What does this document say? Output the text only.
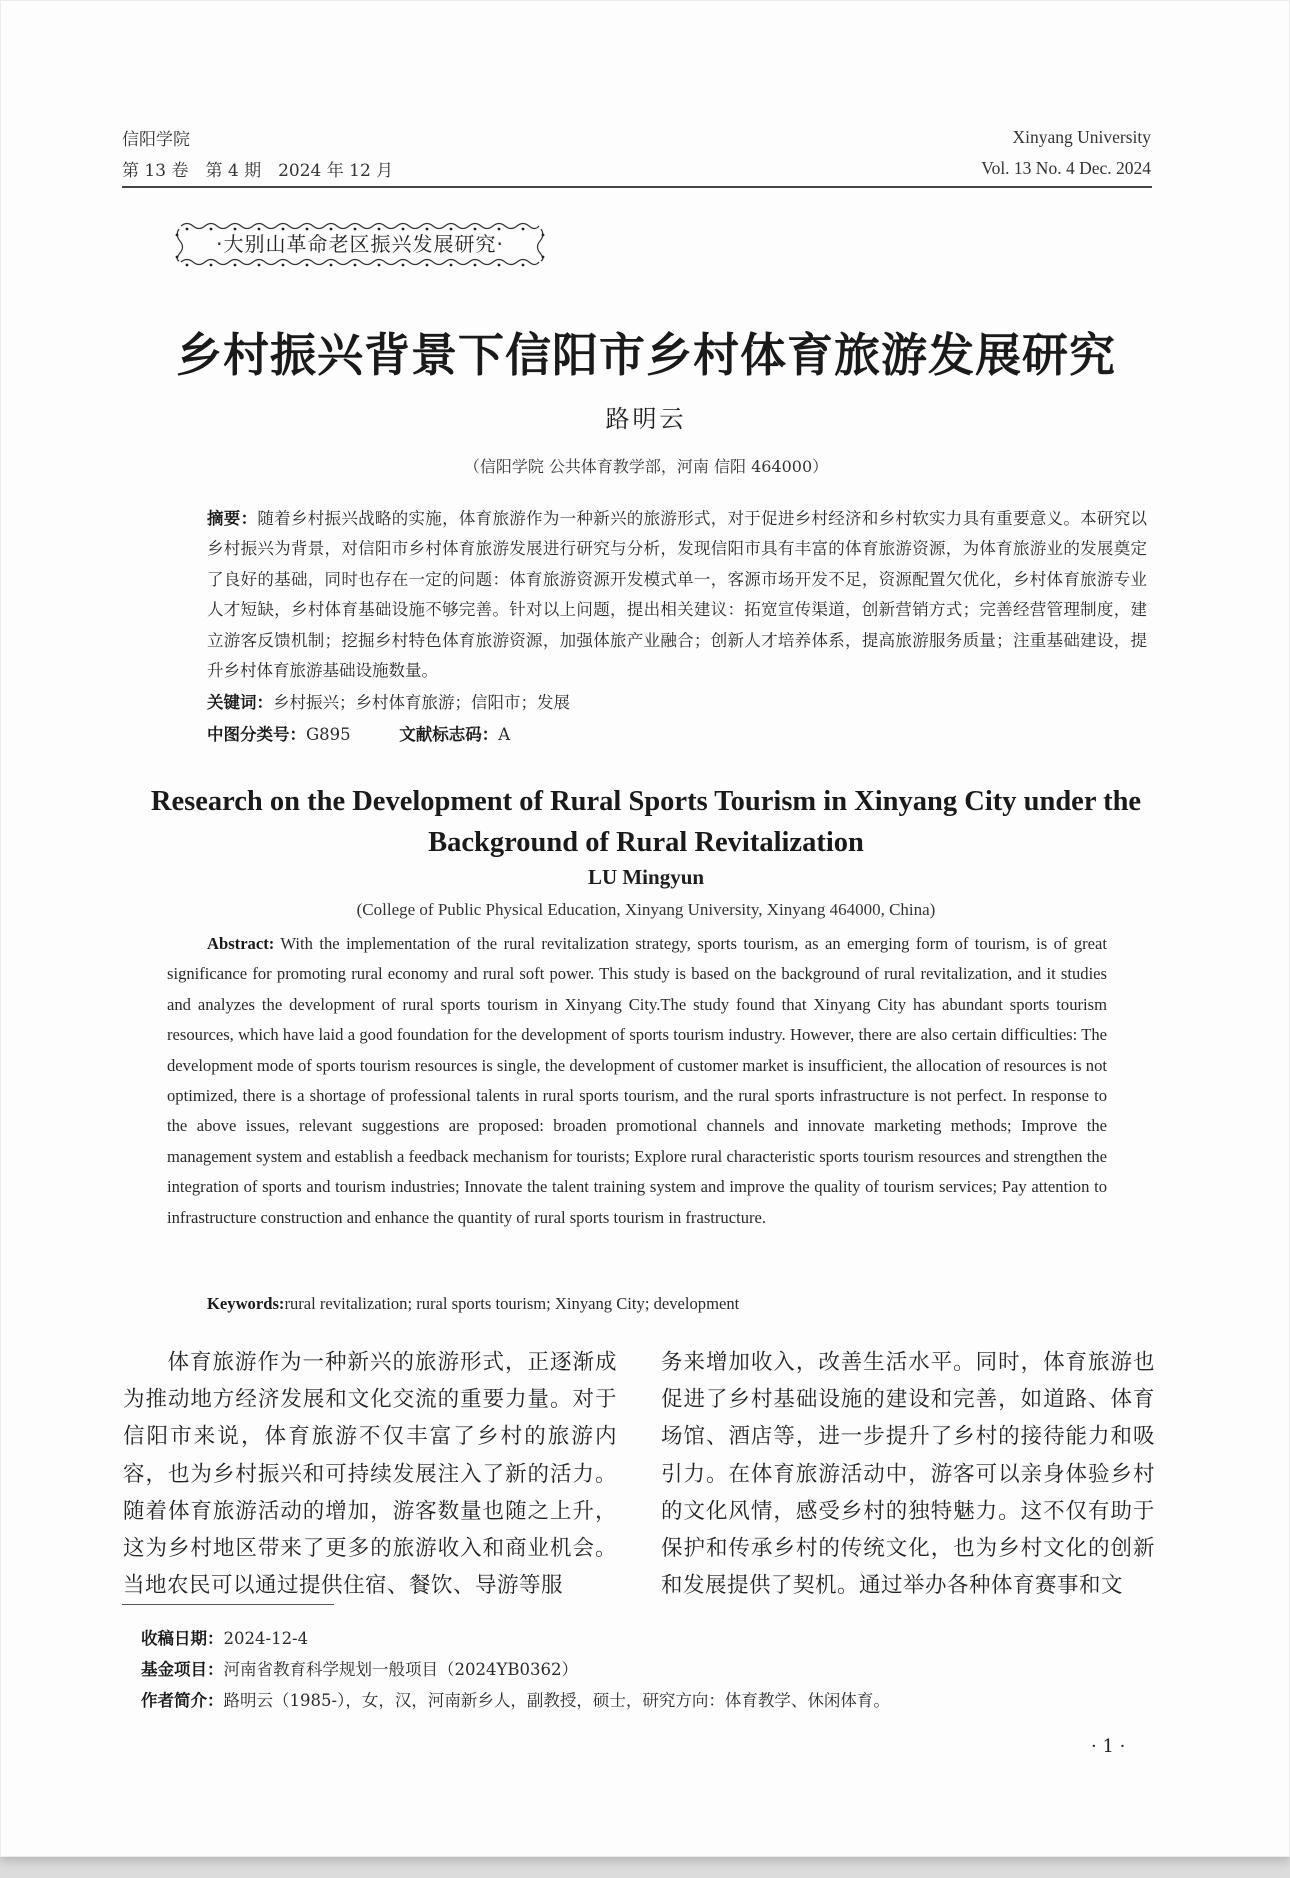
信阳学院
第 13 卷　第 4 期　2024 年 12 月
Xinyang University
Vol. 13 No. 4 Dec. 2024
·大别山革命老区振兴发展研究·
乡村振兴背景下信阳市乡村体育旅游发展研究
路明云
（信阳学院 公共体育教学部，河南 信阳 464000）
摘要：随着乡村振兴战略的实施，体育旅游作为一种新兴的旅游形式，对于促进乡村经济和乡村软实力具有重要意义。本研究以乡村振兴为背景，对信阳市乡村体育旅游发展进行研究与分析，发现信阳市具有丰富的体育旅游资源，为体育旅游业的发展奠定了良好的基础，同时也存在一定的问题：体育旅游资源开发模式单一，客源市场开发不足，资源配置欠优化，乡村体育旅游专业人才短缺，乡村体育基础设施不够完善。针对以上问题，提出相关建议：拓宽宣传渠道，创新营销方式；完善经营管理制度，建立游客反馈机制；挖掘乡村特色体育旅游资源，加强体旅产业融合；创新人才培养体系，提高旅游服务质量；注重基础建设，提升乡村体育旅游基础设施数量。
关键词：乡村振兴；乡村体育旅游；信阳市；发展
中图分类号：G895	文献标志码：A
Research on the Development of Rural Sports Tourism in Xinyang City under the Background of Rural Revitalization
LU Mingyun
(College of Public Physical Education, Xinyang University, Xinyang 464000, China)
Abstract: With the implementation of the rural revitalization strategy, sports tourism, as an emerging form of tourism, is of great significance for promoting rural economy and rural soft power. This study is based on the background of rural revitalization, and it studies and analyzes the development of rural sports tourism in Xinyang City.The study found that Xinyang City has abundant sports tourism resources, which have laid a good foundation for the development of sports tourism industry. However, there are also certain difficulties: The development mode of sports tourism resources is single, the development of customer market is insufficient, the allocation of resources is not optimized, there is a shortage of professional talents in rural sports tourism, and the rural sports infrastructure is not perfect. In response to the above issues, relevant suggestions are proposed: broaden promotional channels and innovate marketing methods; Improve the management system and establish a feedback mechanism for tourists; Explore rural characteristic sports tourism resources and strengthen the integration of sports and tourism industries; Innovate the talent training system and improve the quality of tourism services; Pay attention to infrastructure construction and enhance the quantity of rural sports tourism in frastructure.
Keywords:rural revitalization; rural sports tourism; Xinyang City; development
体育旅游作为一种新兴的旅游形式，正逐渐成为推动地方经济发展和文化交流的重要力量。对于信阳市来说，体育旅游不仅丰富了乡村的旅游内容，也为乡村振兴和可持续发展注入了新的活力。随着体育旅游活动的增加，游客数量也随之上升，这为乡村地区带来了更多的旅游收入和商业机会。当地农民可以通过提供住宿、餐饮、导游等服
务来增加收入，改善生活水平。同时，体育旅游也促进了乡村基础设施的建设和完善，如道路、体育场馆、酒店等，进一步提升了乡村的接待能力和吸引力。在体育旅游活动中，游客可以亲身体验乡村的文化风情，感受乡村的独特魅力。这不仅有助于保护和传承乡村的传统文化，也为乡村文化的创新和发展提供了契机。通过举办各种体育赛事和文
收稿日期：2024-12-4
基金项目：河南省教育科学规划一般项目（2024YB0362）
作者简介：路明云（1985-），女，汉，河南新乡人，副教授，硕士，研究方向：体育教学、休闲体育。
· 1 ·
